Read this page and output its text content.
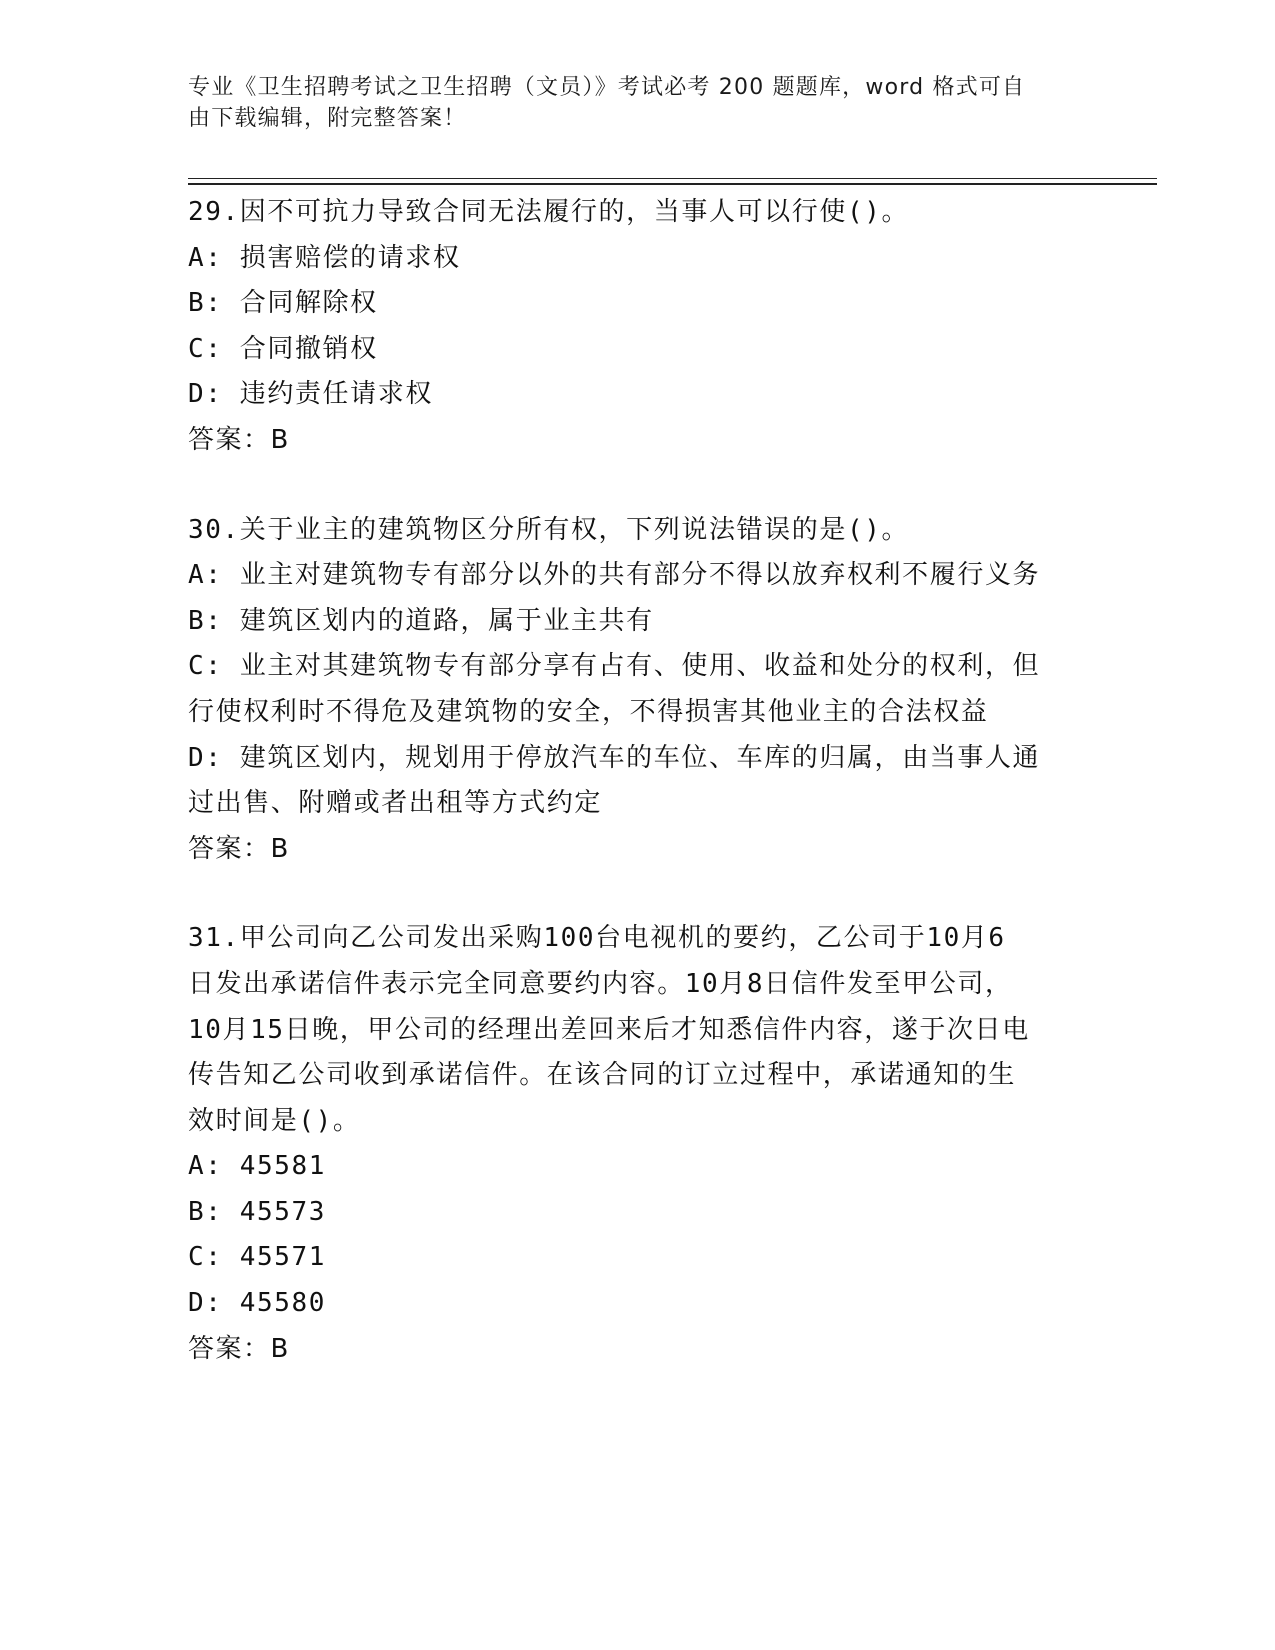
专业《卫生招聘考试之卫生招聘（文员）》考试必考 200 题题库，word 格式可自
由下载编辑，附完整答案！
29.因不可抗力导致合同无法履行的，当事人可以行使()。
A: 损害赔偿的请求权
B: 合同解除权
C: 合同撤销权
D: 违约责任请求权
答案：B
30.关于业主的建筑物区分所有权，下列说法错误的是()。
A: 业主对建筑物专有部分以外的共有部分不得以放弃权利不履行义务
B: 建筑区划内的道路，属于业主共有
C: 业主对其建筑物专有部分享有占有、使用、收益和处分的权利，但
行使权利时不得危及建筑物的安全，不得损害其他业主的合法权益
D: 建筑区划内，规划用于停放汽车的车位、车库的归属，由当事人通
过出售、附赠或者出租等方式约定
答案：B
31.甲公司向乙公司发出采购100台电视机的要约，乙公司于10月6
日发出承诺信件表示完全同意要约内容。10月8日信件发至甲公司，
10月15日晚，甲公司的经理出差回来后才知悉信件内容，遂于次日电
传告知乙公司收到承诺信件。在该合同的订立过程中，承诺通知的生
效时间是()。
A: 45581
B: 45573
C: 45571
D: 45580
答案：B
